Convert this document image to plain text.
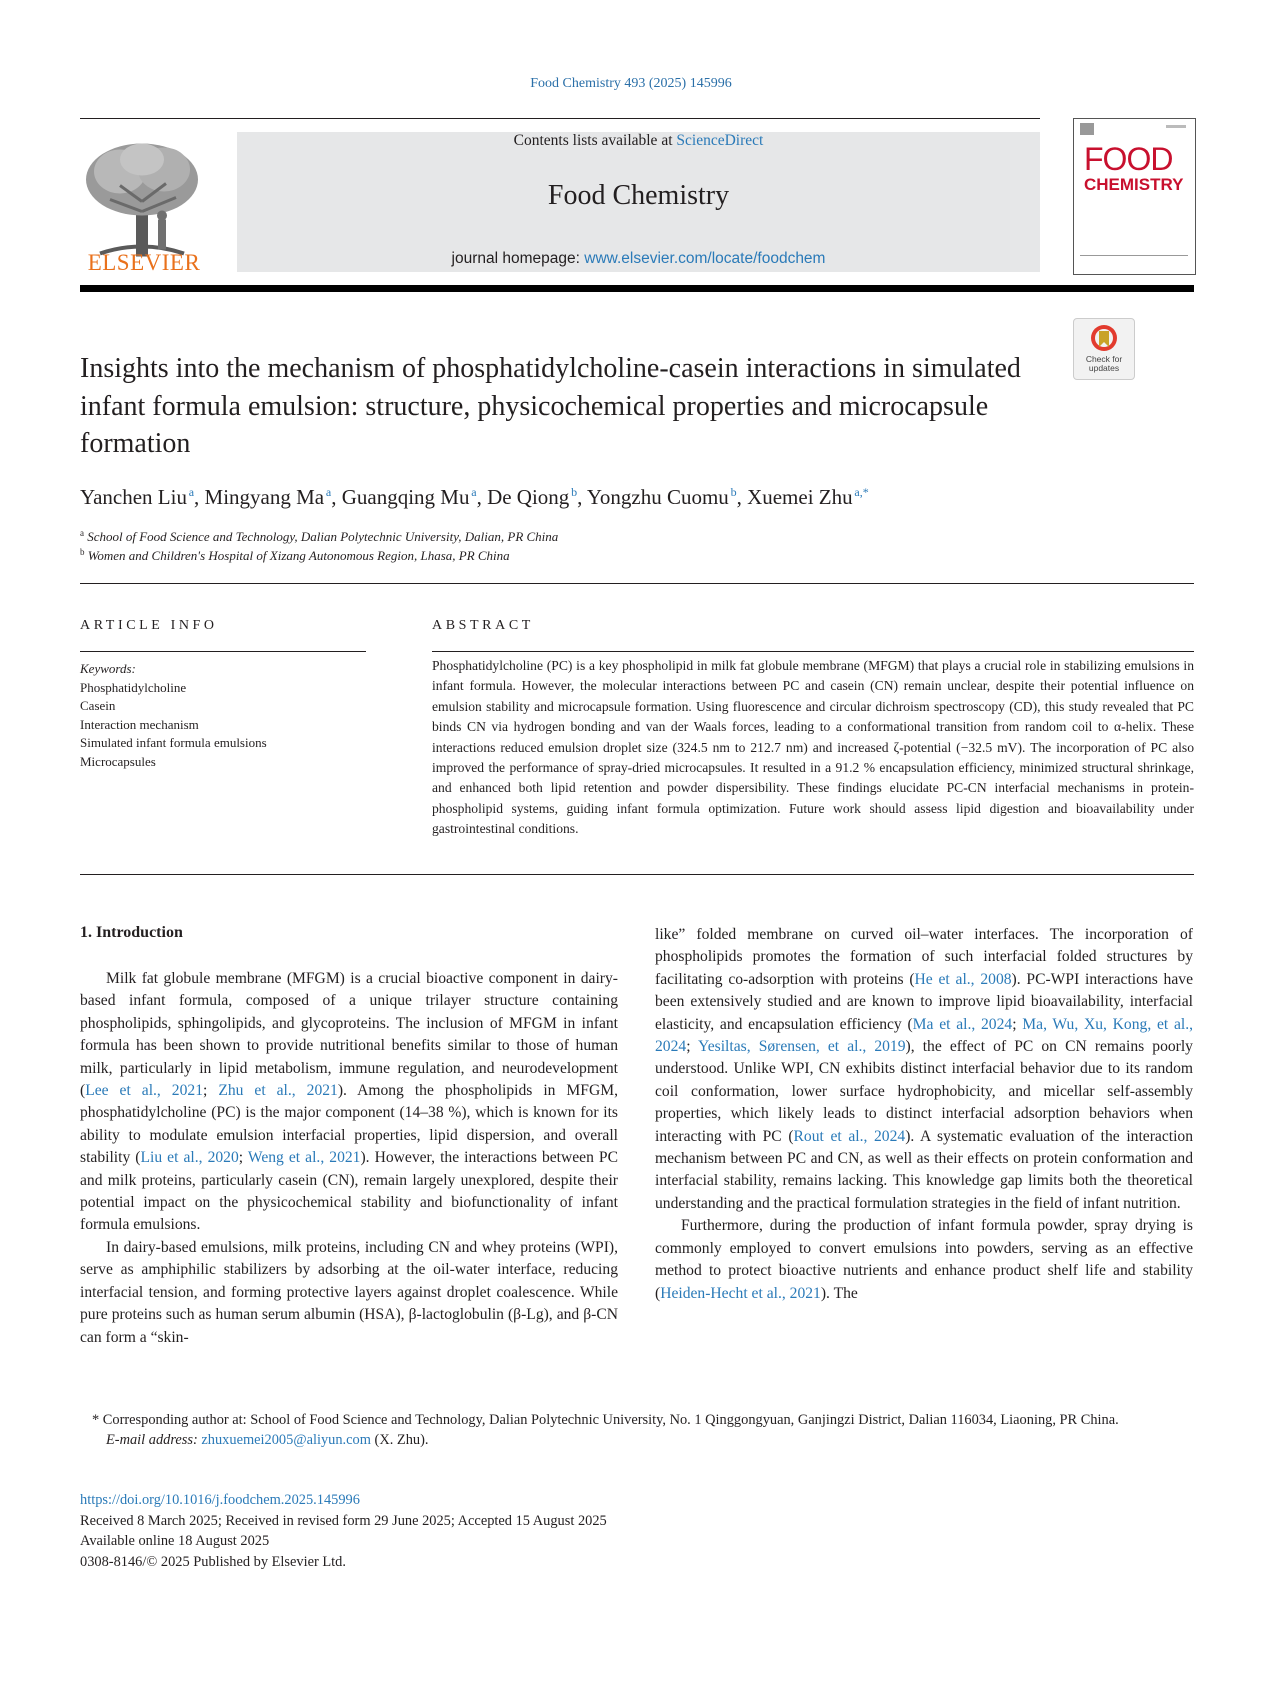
Food Chemistry 493 (2025) 145996
ELSEVIER
Contents lists available at ScienceDirect
Food Chemistry
journal homepage: www.elsevier.com/locate/foodchem
FOOD
CHEMISTRY
Check for updates
Insights into the mechanism of phosphatidylcholine-casein interactions in simulated infant formula emulsion: structure, physicochemical properties and microcapsule formation
Yanchen Liu  $^a$, Mingyang Ma  $^a$, Guangqing Mu  $^a$, De Qiong  $^b$, Yongzhu Cuomu  $^b$, Xuemei Zhu  $^{a,*}$
$^a$ School of Food Science and Technology, Dalian Polytechnic University, Dalian, PR China
$^b$ Women and Children's Hospital of Xizang Autonomous Region, Lhasa, PR China
ARTICLE INFO
Keywords:
Phosphatidylcholine
Casein
Interaction mechanism
Simulated infant formula emulsions
Microcapsules
ABSTRACT
Phosphatidylcholine (PC) is a key phospholipid in milk fat globule membrane (MFGM) that plays a crucial role in stabilizing emulsions in infant formula. However, the molecular interactions between PC and casein (CN) remain unclear, despite their potential influence on emulsion stability and microcapsule formation. Using fluorescence and circular dichroism spectroscopy (CD), this study revealed that PC binds CN via hydrogen bonding and van der Waals forces, leading to a conformational transition from random coil to α-helix. These interactions reduced emulsion droplet size (324.5 nm to 212.7 nm) and increased ζ-potential (−32.5 mV). The incorporation of PC also improved the performance of spray-dried microcapsules. It resulted in a 91.2 % encapsulation efficiency, minimized structural shrinkage, and enhanced both lipid retention and powder dispersibility. These findings elucidate PC-CN interfacial mechanisms in protein-phospholipid systems, guiding infant formula optimization. Future work should assess lipid digestion and bioavailability under gastrointestinal conditions.
1. Introduction

Milk fat globule membrane (MFGM) is a crucial bioactive component in dairy-based infant formula, composed of a unique trilayer structure containing phospholipids, sphingolipids, and glycoproteins. The inclusion of MFGM in infant formula has been shown to provide nutritional benefits similar to those of human milk, particularly in lipid metabolism, immune regulation, and neurodevelopment (Lee et al., 2021; Zhu et al., 2021). Among the phospholipids in MFGM, phosphatidylcholine (PC) is the major component (14–38 %), which is known for its ability to modulate emulsion interfacial properties, lipid dispersion, and overall stability (Liu et al., 2020; Weng et al., 2021). However, the interactions between PC and milk proteins, particularly casein (CN), remain largely unexplored, despite their potential impact on the physicochemical stability and biofunctionality of infant formula emulsions.

In dairy-based emulsions, milk proteins, including CN and whey proteins (WPI), serve as amphiphilic stabilizers by adsorbing at the oil-water interface, reducing interfacial tension, and forming protective layers against droplet coalescence. While pure proteins such as human serum albumin (HSA), β-lactoglobulin (β-Lg), and β-CN can form a “skin-

like” folded membrane on curved oil–water interfaces. The incorporation of phospholipids promotes the formation of such interfacial folded structures by facilitating co-adsorption with proteins (He et al., 2008). PC-WPI interactions have been extensively studied and are known to improve lipid bioavailability, interfacial elasticity, and encapsulation efficiency (Ma et al., 2024; Ma, Wu, Xu, Kong, et al., 2024; Yesiltas, Sørensen, et al., 2019), the effect of PC on CN remains poorly understood. Unlike WPI, CN exhibits distinct interfacial behavior due to its random coil conformation, lower surface hydrophobicity, and micellar self-assembly properties, which likely leads to distinct interfacial adsorption behaviors when interacting with PC (Rout et al., 2024). A systematic evaluation of the interaction mechanism between PC and CN, as well as their effects on protein conformation and interfacial stability, remains lacking. This knowledge gap limits both the theoretical understanding and the practical formulation strategies in the field of infant nutrition.

Furthermore, during the production of infant formula powder, spray drying is commonly employed to convert emulsions into powders, serving as an effective method to protect bioactive nutrients and enhance product shelf life and stability (Heiden-Hecht et al., 2021). The

* Corresponding author at: School of Food Science and Technology, Dalian Polytechnic University, No. 1 Qinggongyuan, Ganjingzi District, Dalian 116034, Liaoning, PR China.
E-mail address: zhuxuemei2005@aliyun.com (X. Zhu).
https://doi.org/10.1016/j.foodchem.2025.145996
Received 8 March 2025; Received in revised form 29 June 2025; Accepted 15 August 2025
Available online 18 August 2025
0308-8146/© 2025 Published by Elsevier Ltd.
